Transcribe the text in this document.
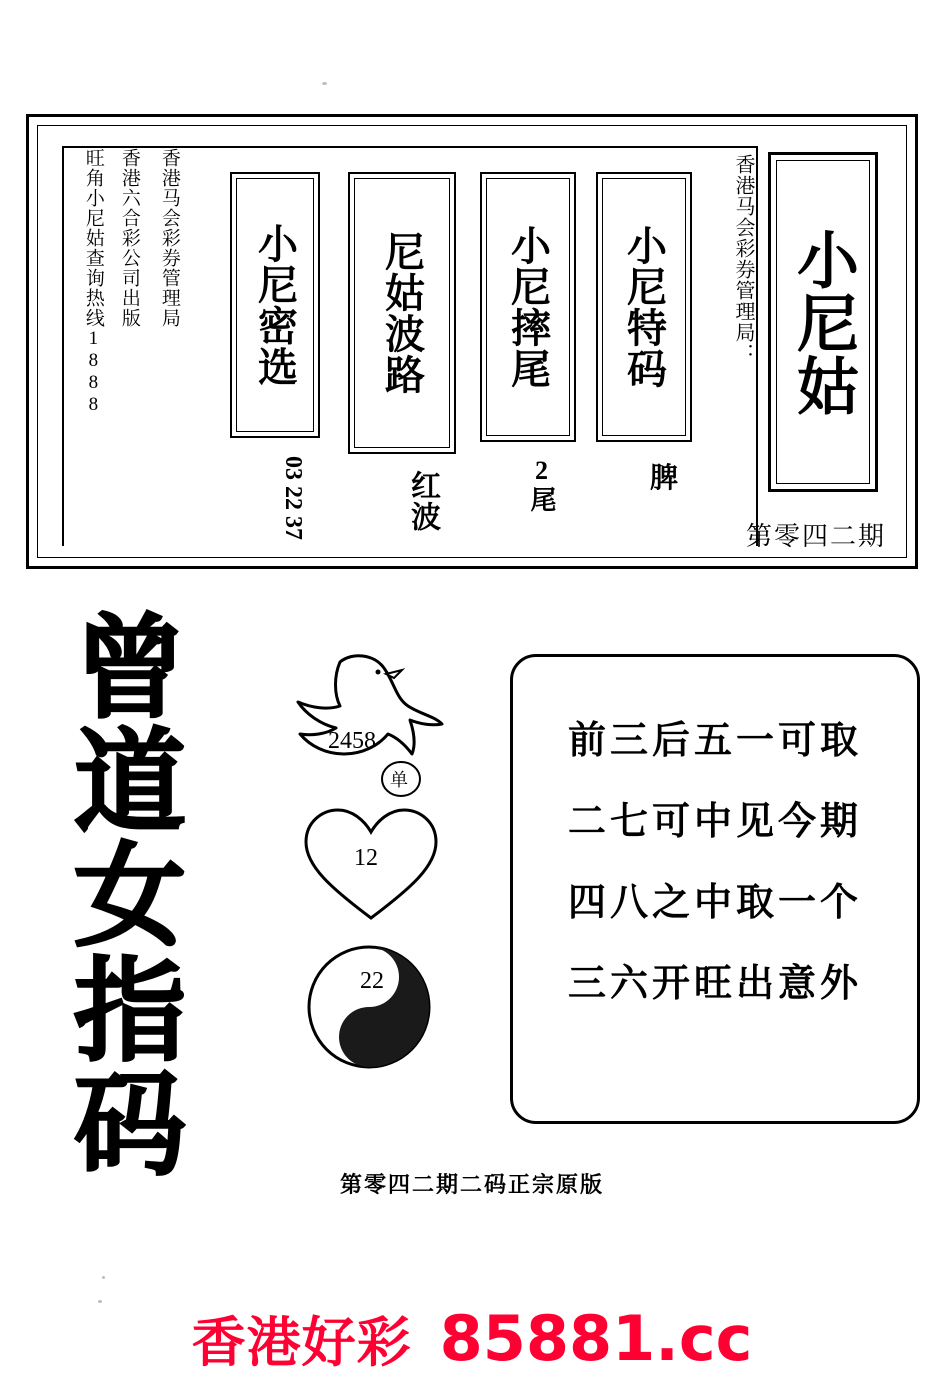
香港马会彩券管理局： 小尼姑
第零四二期
小尼特码
脾
小尼摔尾
2尾
尼姑波路
红波
小尼密选
03 22 37
香港马会彩券管理局
香港六合彩公司出版
旺角小尼姑查询热线1888
曾道女指码
2458
单
12
22
前三后五一可取
二七可中见今期
四八之中取一个
三六开旺出意外
第零四二期二码正宗原版
香港好彩 85881.cc
